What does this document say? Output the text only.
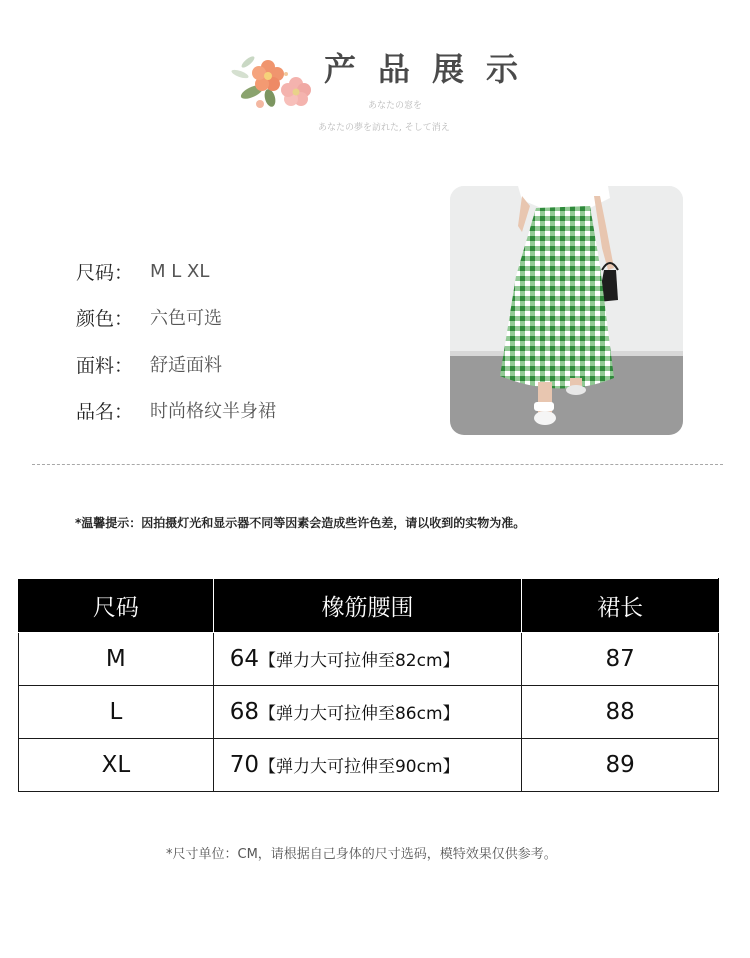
产品展示
あなたの窓を
あなたの夢を訪れた, そして消え
尺码： M L XL
颜色： 六色可选
面料： 舒适面料
品名： 时尚格纹半身裙
*温馨提示：因拍摄灯光和显示器不同等因素会造成些许色差，请以收到的实物为准。
尺码	橡筋腰围	裙长
M	64【弹力大可拉伸至82cm】	87
L	68【弹力大可拉伸至86cm】	88
XL	70【弹力大可拉伸至90cm】	89
*尺寸单位：CM，请根据自己身体的尺寸选码，模特效果仅供参考。
